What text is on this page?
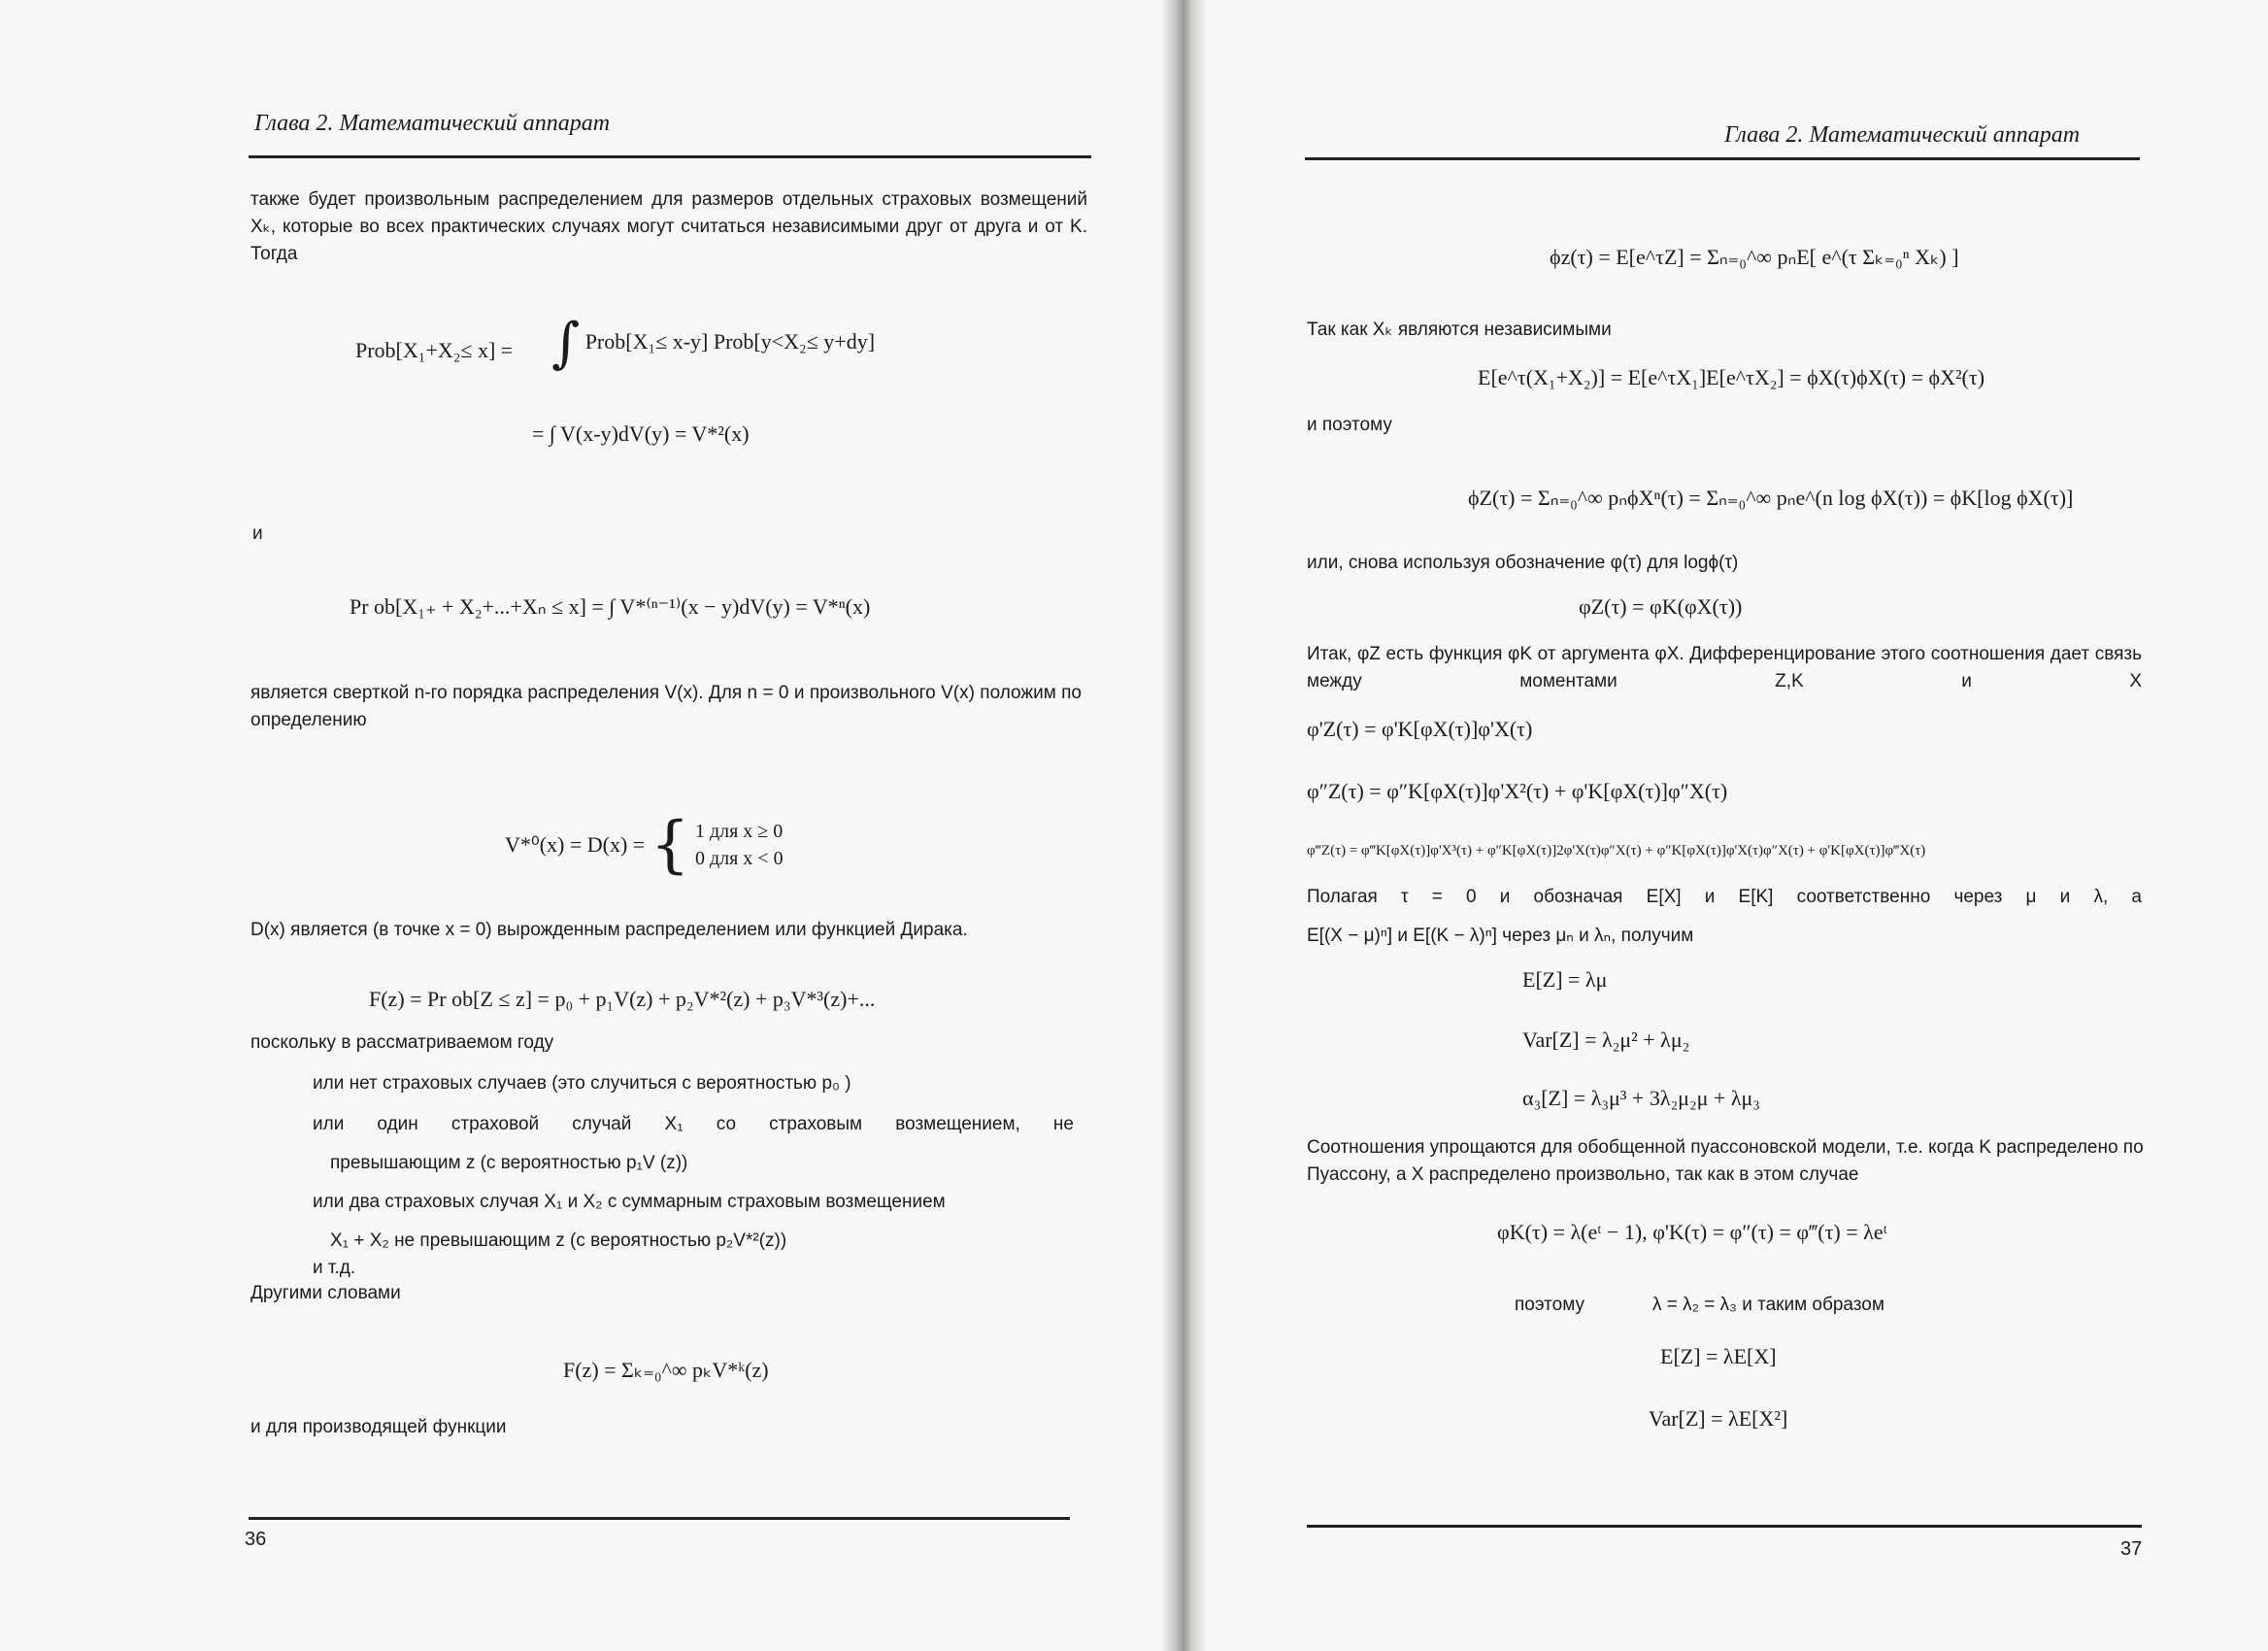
Глава 2. Математический аппарат
также будет произвольным распределением для размеров отдельных страховых возмещений Xₖ, которые во всех практических случаях могут считаться независимыми друг от друга и от K. Тогда
Prob[X₁+X₂≤ x] = ∫ Prob[X₁≤ x-y] Prob[y<X₂≤ y+dy]
= ∫ V(x-y)dV(y) = V*²(x)
и
Pr ob[X₁₊ + X₂+...+Xₙ ≤ x] = ∫ V*⁽ⁿ⁻¹⁾(x − y)dV(y) = V*ⁿ(x)
является сверткой n-го порядка распределения V(x). Для n = 0 и произвольного V(x) положим по определению
V*⁰(x) = D(x) = { 1 для x ≥ 0
0 для x < 0
D(x) является (в точке x = 0) вырожденным распределением или функцией Дирака.
F(z) = Pr ob[Z ≤ z] = p₀ + p₁V(z) + p₂V*²(z) + p₃V*³(z)+...
поскольку в рассматриваемом году
или нет страховых случаев (это случиться с вероятностью p₀ )
или один страховой случай X₁ со страховым возмещением, не
превышающим z (с вероятностью p₁V (z))
или два страховых случая X₁ и X₂ с суммарным страховым возмещением
X₁ + X₂ не превышающим z (с вероятностью p₂V*²(z))
и т.д.
Другими словами
F(z) = Σₖ₌₀^∞ pₖV*ᵏ(z)
и для производящей функции
36
Глава 2. Математический аппарат
ϕz(τ) = E[e^τZ] = Σₙ₌₀^∞ pₙE[ e^(τ Σₖ₌₀ⁿ Xₖ) ]
Так как Xₖ являются независимыми
E[e^τ(X₁+X₂)] = E[e^τX₁]E[e^τX₂] = ϕX(τ)ϕX(τ) = ϕX²(τ)
и поэтому
ϕZ(τ) = Σₙ₌₀^∞ pₙϕXⁿ(τ) = Σₙ₌₀^∞ pₙe^(n log ϕX(τ)) = ϕK[log ϕX(τ)]
или, снова используя обозначение φ(τ) для logϕ(τ)
φZ(τ) = φK(φX(τ))
Итак, φZ есть функция φK от аргумента φX. Дифференцирование этого соотношения дает связь между моментами Z,K и X
φ'Z(τ) = φ'K[φX(τ)]φ'X(τ)
φ″Z(τ) = φ″K[φX(τ)]φ'X²(τ) + φ'K[φX(τ)]φ″X(τ)
φ‴Z(τ) = φ‴K[φX(τ)]φ'X³(τ) + φ″K[φX(τ)]2φ'X(τ)φ″X(τ) + φ″K[φX(τ)]φ'X(τ)φ″X(τ) + φ'K[φX(τ)]φ‴X(τ)
Полагая τ = 0 и обозначая E[X] и E[K] соответственно через μ и λ, а
E[(X − μ)ⁿ] и E[(K − λ)ⁿ] через μₙ и λₙ, получим
E[Z] = λμ
Var[Z] = λ₂μ² + λμ₂
α₃[Z] = λ₃μ³ + 3λ₂μ₂μ + λμ₃
Соотношения упрощаются для обобщенной пуассоновской модели, т.е. когда K распределено по Пуассону, а X распределено произвольно, так как в этом случае
φK(τ) = λ(eᵗ − 1), φ'K(τ) = φ″(τ) = φ‴(τ) = λeᵗ
поэтому	λ = λ₂ = λ₃ и таким образом
E[Z] = λE[X]
Var[Z] = λE[X²]
37
